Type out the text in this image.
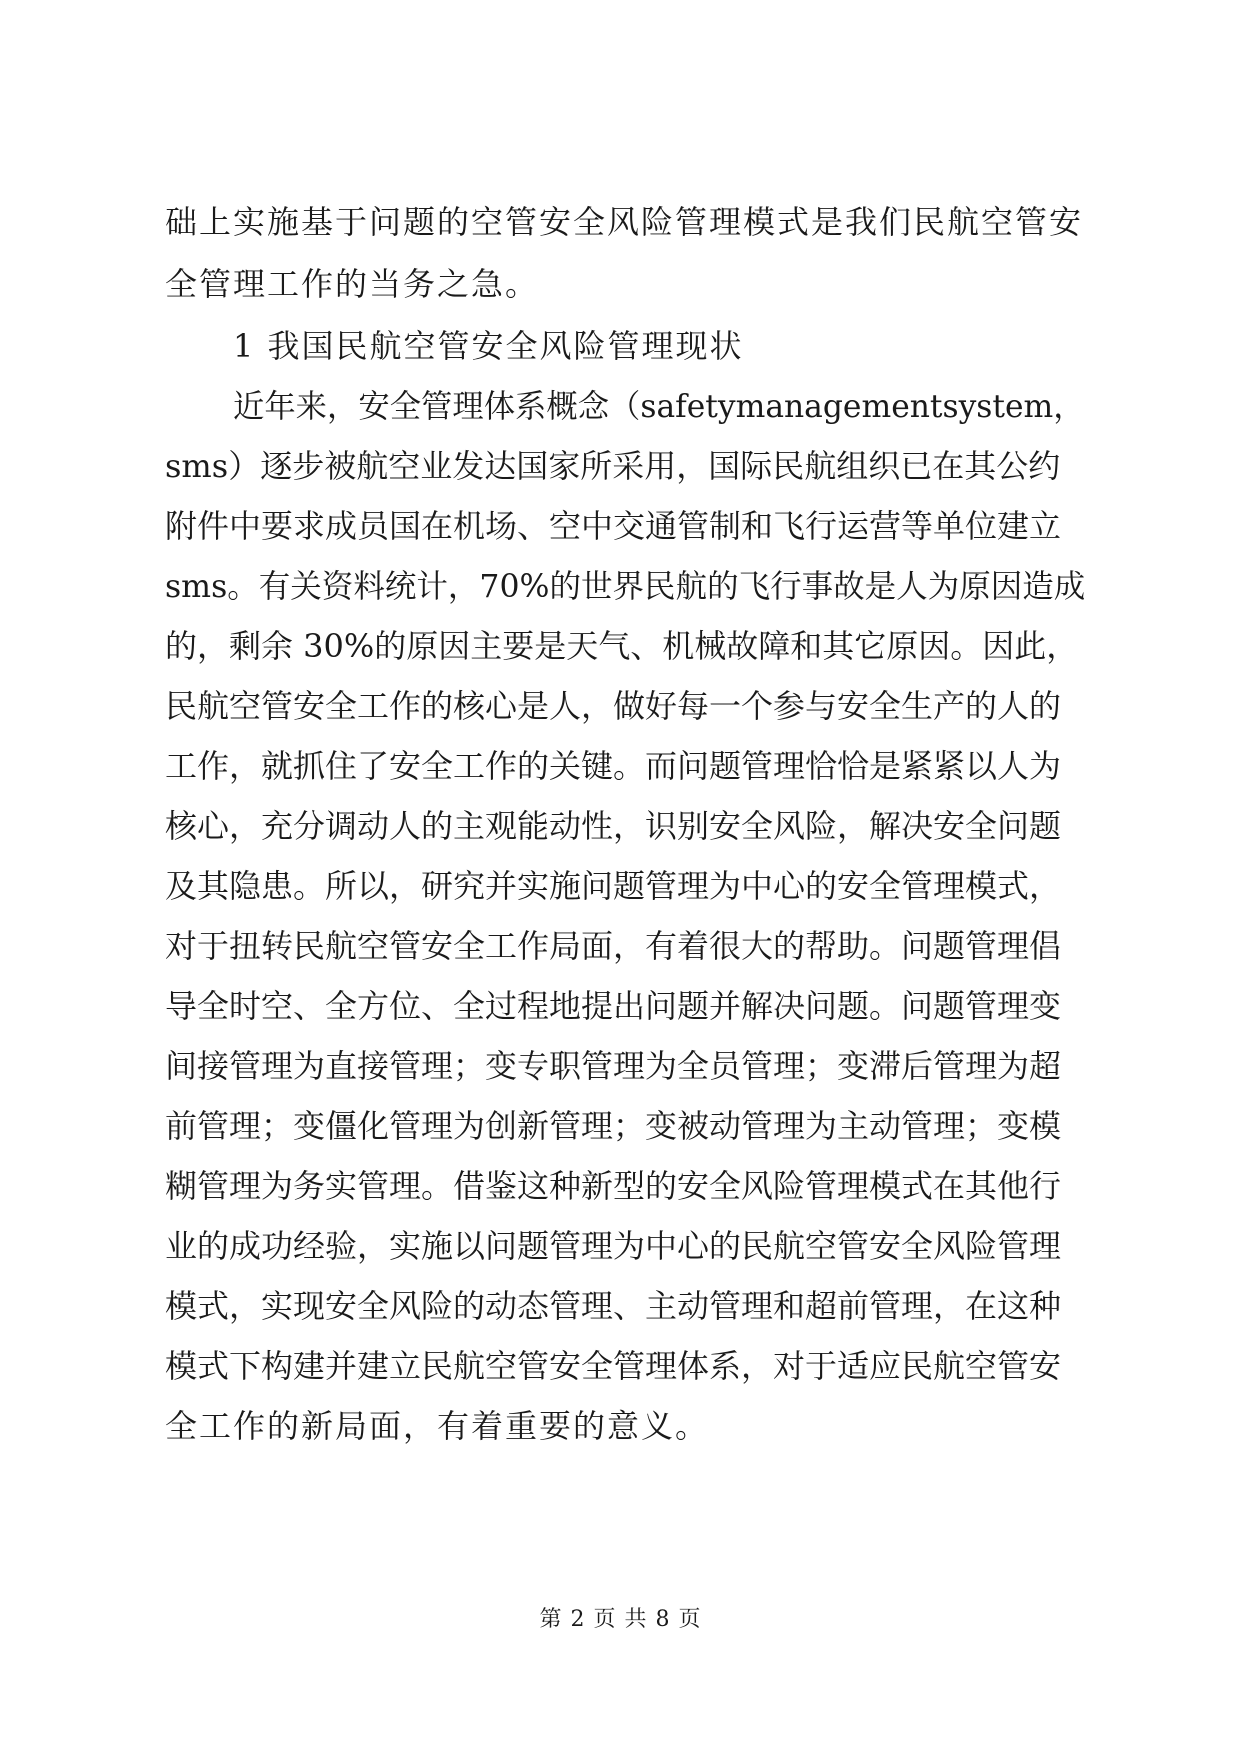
础上实施基于问题的空管安全风险管理模式是我们民航空管安
全管理工作的当务之急。
1 我国民航空管安全风险管理现状
近年来，安全管理体系概念（safetymanagementsystem，
sms）逐步被航空业发达国家所采用，国际民航组织已在其公约
附件中要求成员国在机场、空中交通管制和飞行运营等单位建立
sms。有关资料统计，70%的世界民航的飞行事故是人为原因造成
的，剩余 30%的原因主要是天气、机械故障和其它原因。因此，
民航空管安全工作的核心是人，做好每一个参与安全生产的人的
工作，就抓住了安全工作的关键。而问题管理恰恰是紧紧以人为
核心，充分调动人的主观能动性，识别安全风险，解决安全问题
及其隐患。所以，研究并实施问题管理为中心的安全管理模式，
对于扭转民航空管安全工作局面，有着很大的帮助。问题管理倡
导全时空、全方位、全过程地提出问题并解决问题。问题管理变
间接管理为直接管理；变专职管理为全员管理；变滞后管理为超
前管理；变僵化管理为创新管理；变被动管理为主动管理；变模
糊管理为务实管理。借鉴这种新型的安全风险管理模式在其他行
业的成功经验，实施以问题管理为中心的民航空管安全风险管理
模式，实现安全风险的动态管理、主动管理和超前管理，在这种
模式下构建并建立民航空管安全管理体系，对于适应民航空管安
全工作的新局面，有着重要的意义。
第 2 页 共 8 页
